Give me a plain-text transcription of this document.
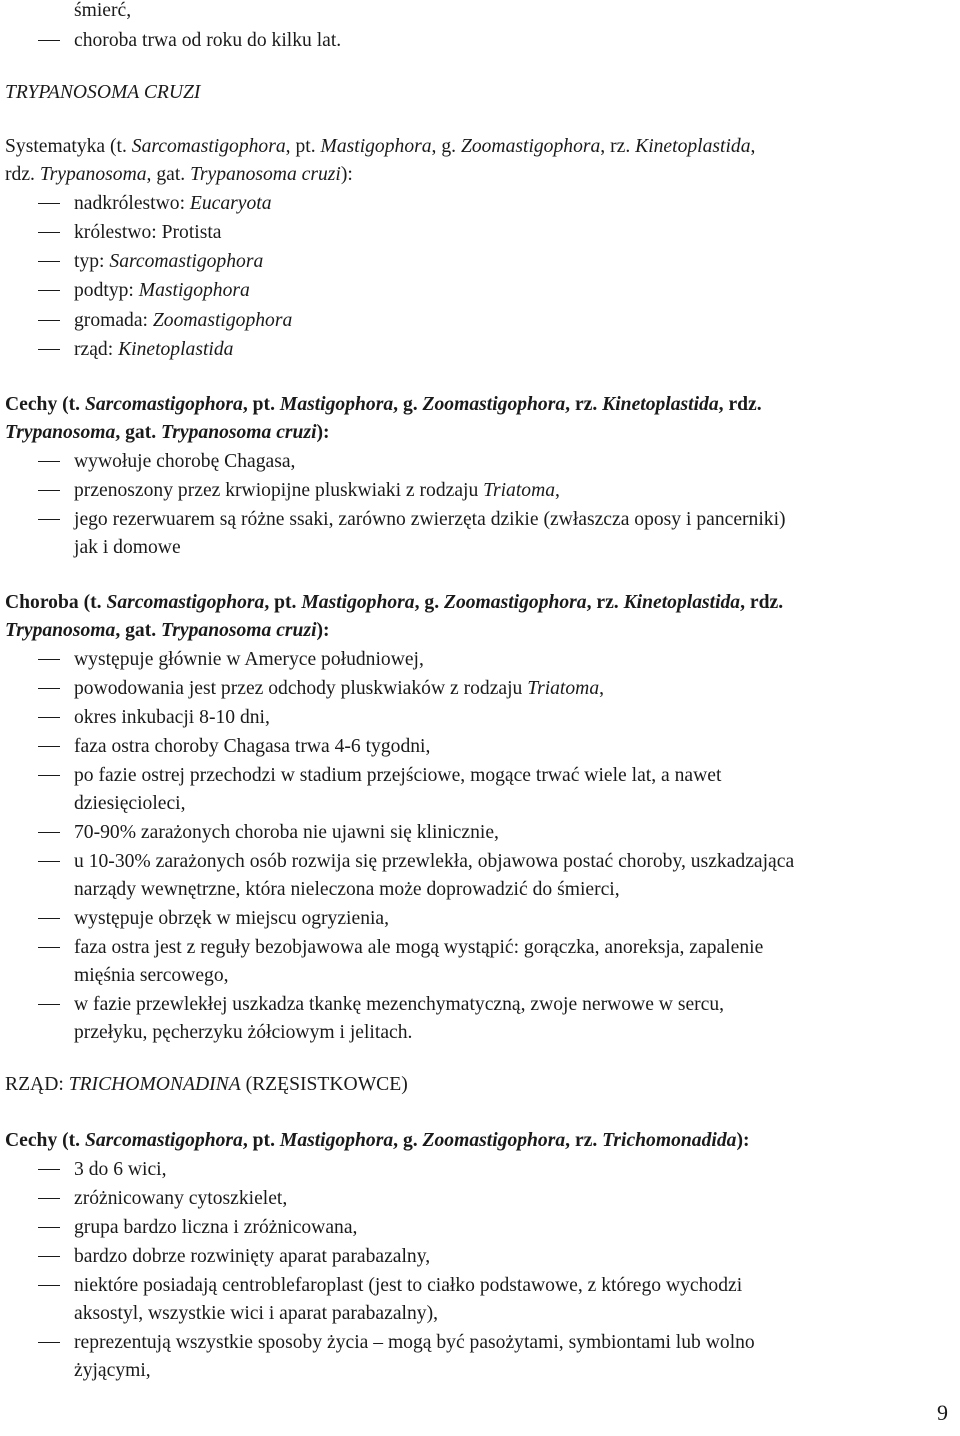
śmierć,
choroba trwa od roku do kilku lat.
TRYPANOSOMA CRUZI
Systematyka (t. Sarcomastigophora, pt. Mastigophora, g. Zoomastigophora, rz. Kinetoplastida,
rdz. Trypanosoma, gat. Trypanosoma cruzi):
nadkrólestwo: Eucaryota
królestwo: Protista
typ: Sarcomastigophora
podtyp: Mastigophora
gromada: Zoomastigophora
rząd: Kinetoplastida
Cechy (t. Sarcomastigophora, pt. Mastigophora, g. Zoomastigophora, rz. Kinetoplastida, rdz.
Trypanosoma, gat. Trypanosoma cruzi):
wywołuje chorobę Chagasa,
przenoszony przez krwiopijne pluskwiaki z rodzaju Triatoma,
jego rezerwuarem są różne ssaki, zarówno zwierzęta dzikie (zwłaszcza oposy i pancerniki)
jak i domowe
Choroba (t. Sarcomastigophora, pt. Mastigophora, g. Zoomastigophora, rz. Kinetoplastida, rdz.
Trypanosoma, gat. Trypanosoma cruzi):
występuje głównie w Ameryce południowej,
powodowania jest przez odchody pluskwiaków z rodzaju Triatoma,
okres inkubacji 8-10 dni,
faza ostra choroby Chagasa trwa 4-6 tygodni,
po fazie ostrej przechodzi w stadium przejściowe, mogące trwać wiele lat, a nawet
dziesięcioleci,
70-90% zarażonych choroba nie ujawni się klinicznie,
u 10-30% zarażonych osób rozwija się przewlekła, objawowa postać choroby, uszkadzająca
narządy wewnętrzne, która nieleczona może doprowadzić do śmierci,
występuje obrzęk w miejscu ogryzienia,
faza ostra jest z reguły bezobjawowa ale mogą wystąpić: gorączka, anoreksja, zapalenie
mięśnia sercowego,
w fazie przewlekłej uszkadza tkankę mezenchymatyczną, zwoje nerwowe w sercu,
przełyku, pęcherzyku żółciowym i jelitach.
RZĄD: TRICHOMONADINA (RZĘSISTKOWCE)
Cechy (t. Sarcomastigophora, pt. Mastigophora, g. Zoomastigophora, rz. Trichomonadida):
3 do 6 wici,
zróżnicowany cytoszkielet,
grupa bardzo liczna i zróżnicowana,
bardzo dobrze rozwinięty aparat parabazalny,
niektóre posiadają centroblefaroplast (jest to ciałko podstawowe, z którego wychodzi
aksostyl, wszystkie wici i aparat parabazalny),
reprezentują wszystkie sposoby życia – mogą być pasożytami, symbiontami lub wolno
żyjącymi,
9
